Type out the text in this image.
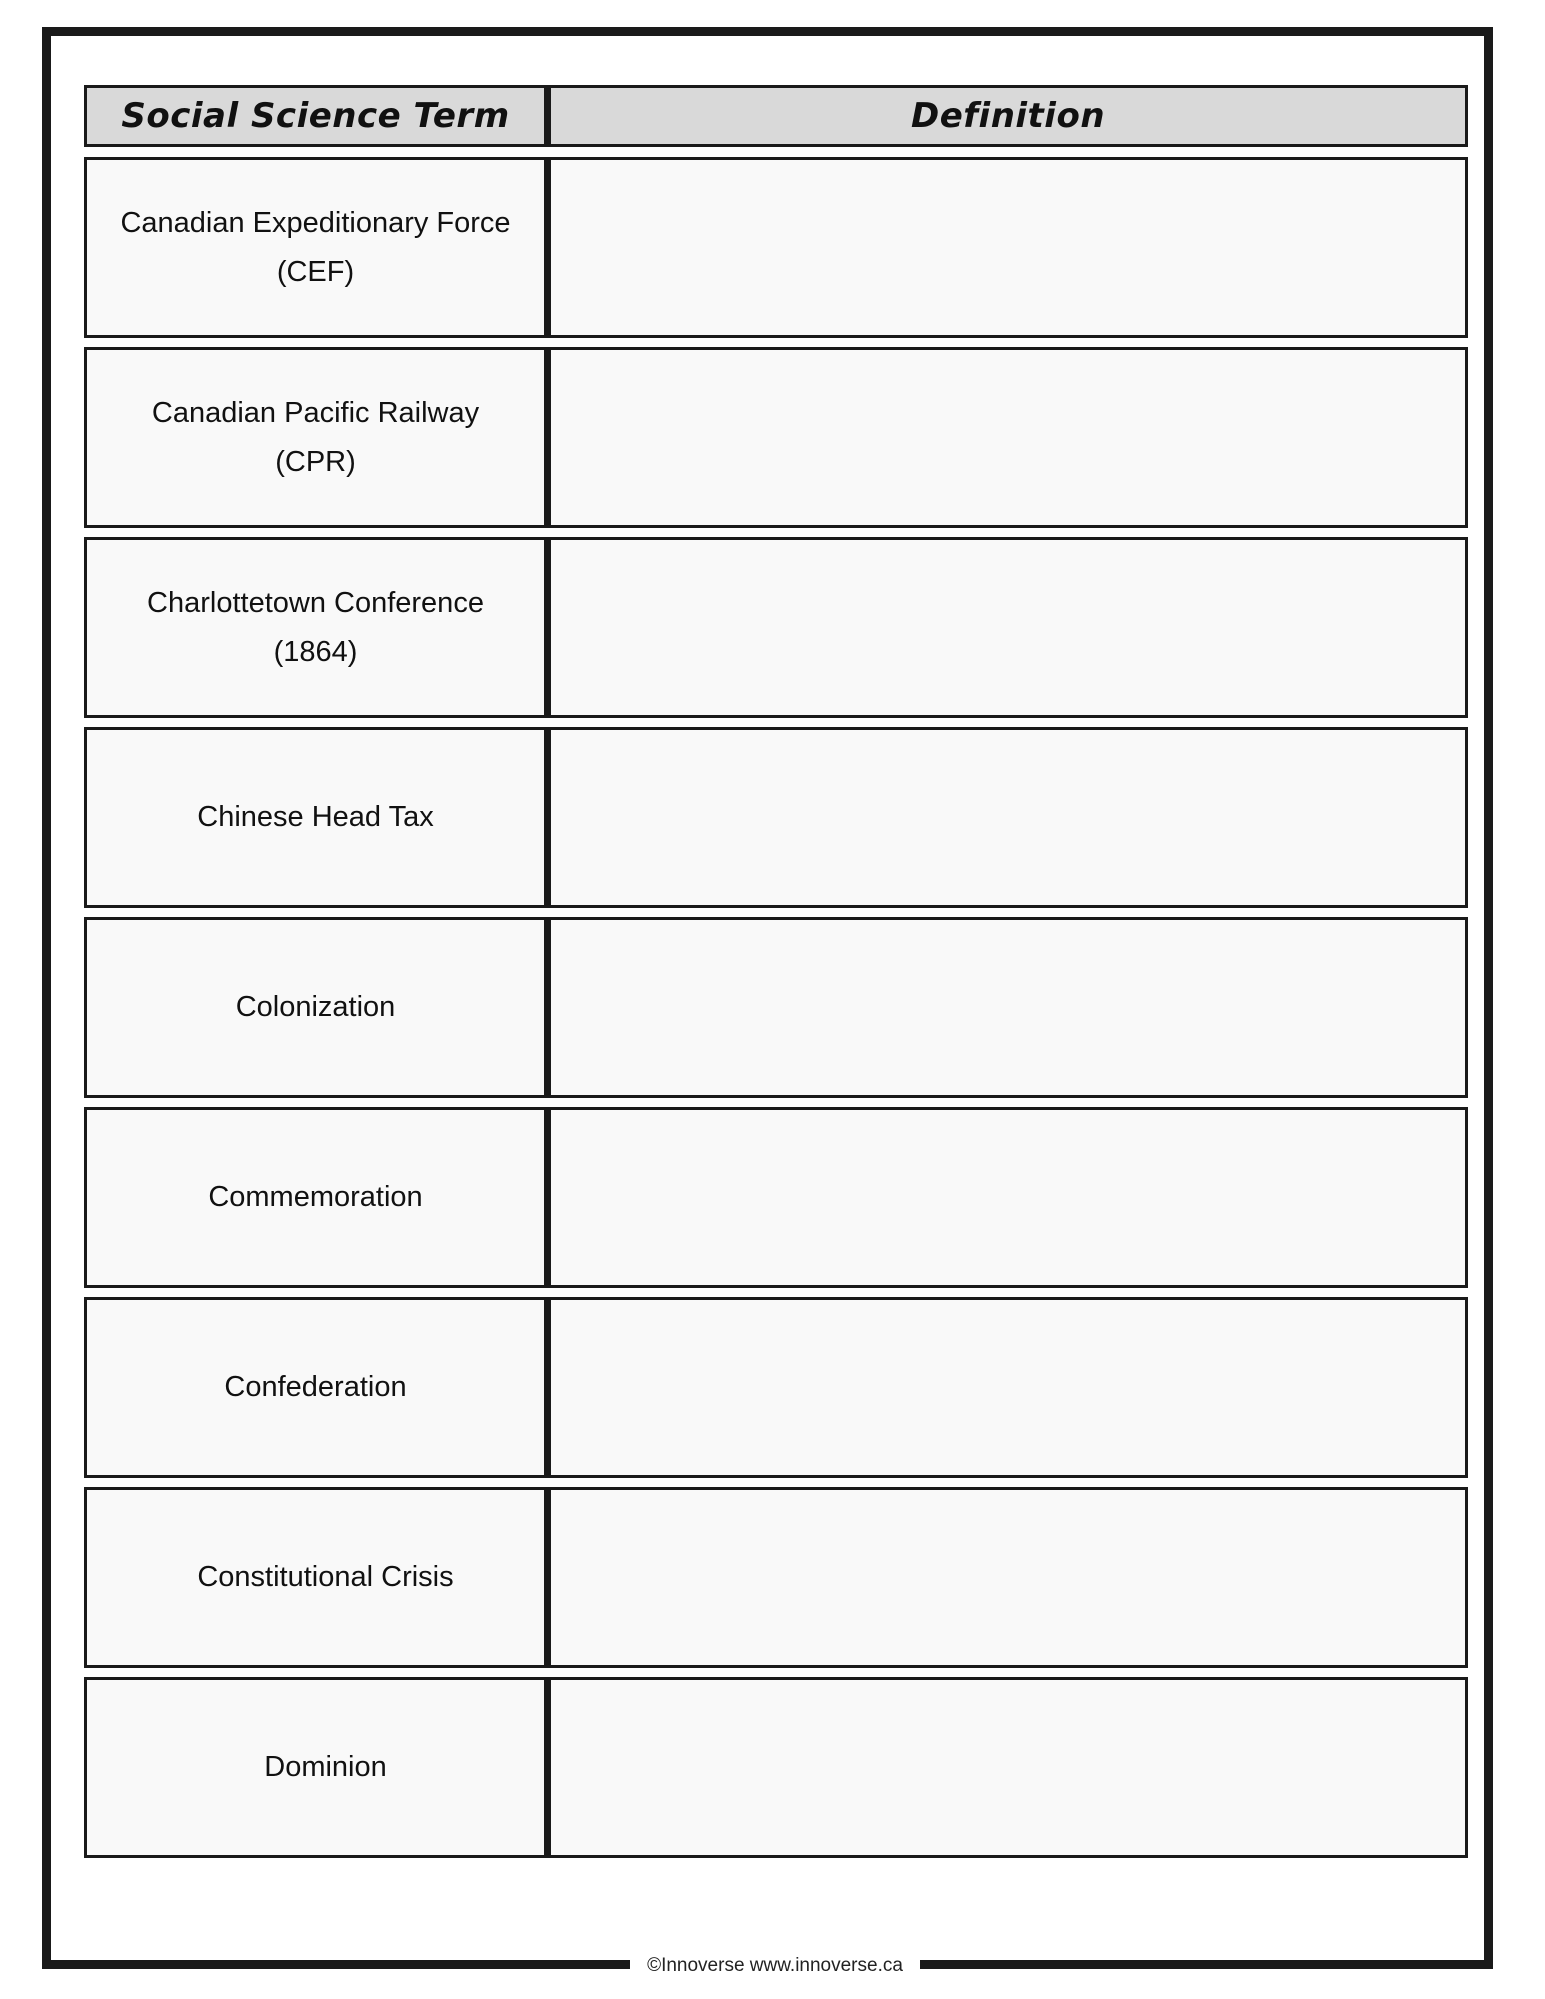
Social Science Term	Definition
Canadian Expeditionary Force (CEF)
Canadian Pacific Railway (CPR)
Charlottetown Conference (1864)
Chinese Head Tax
Colonization
Commemoration
Confederation
Constitutional Crisis
Dominion
©Innoverse www.innoverse.ca
